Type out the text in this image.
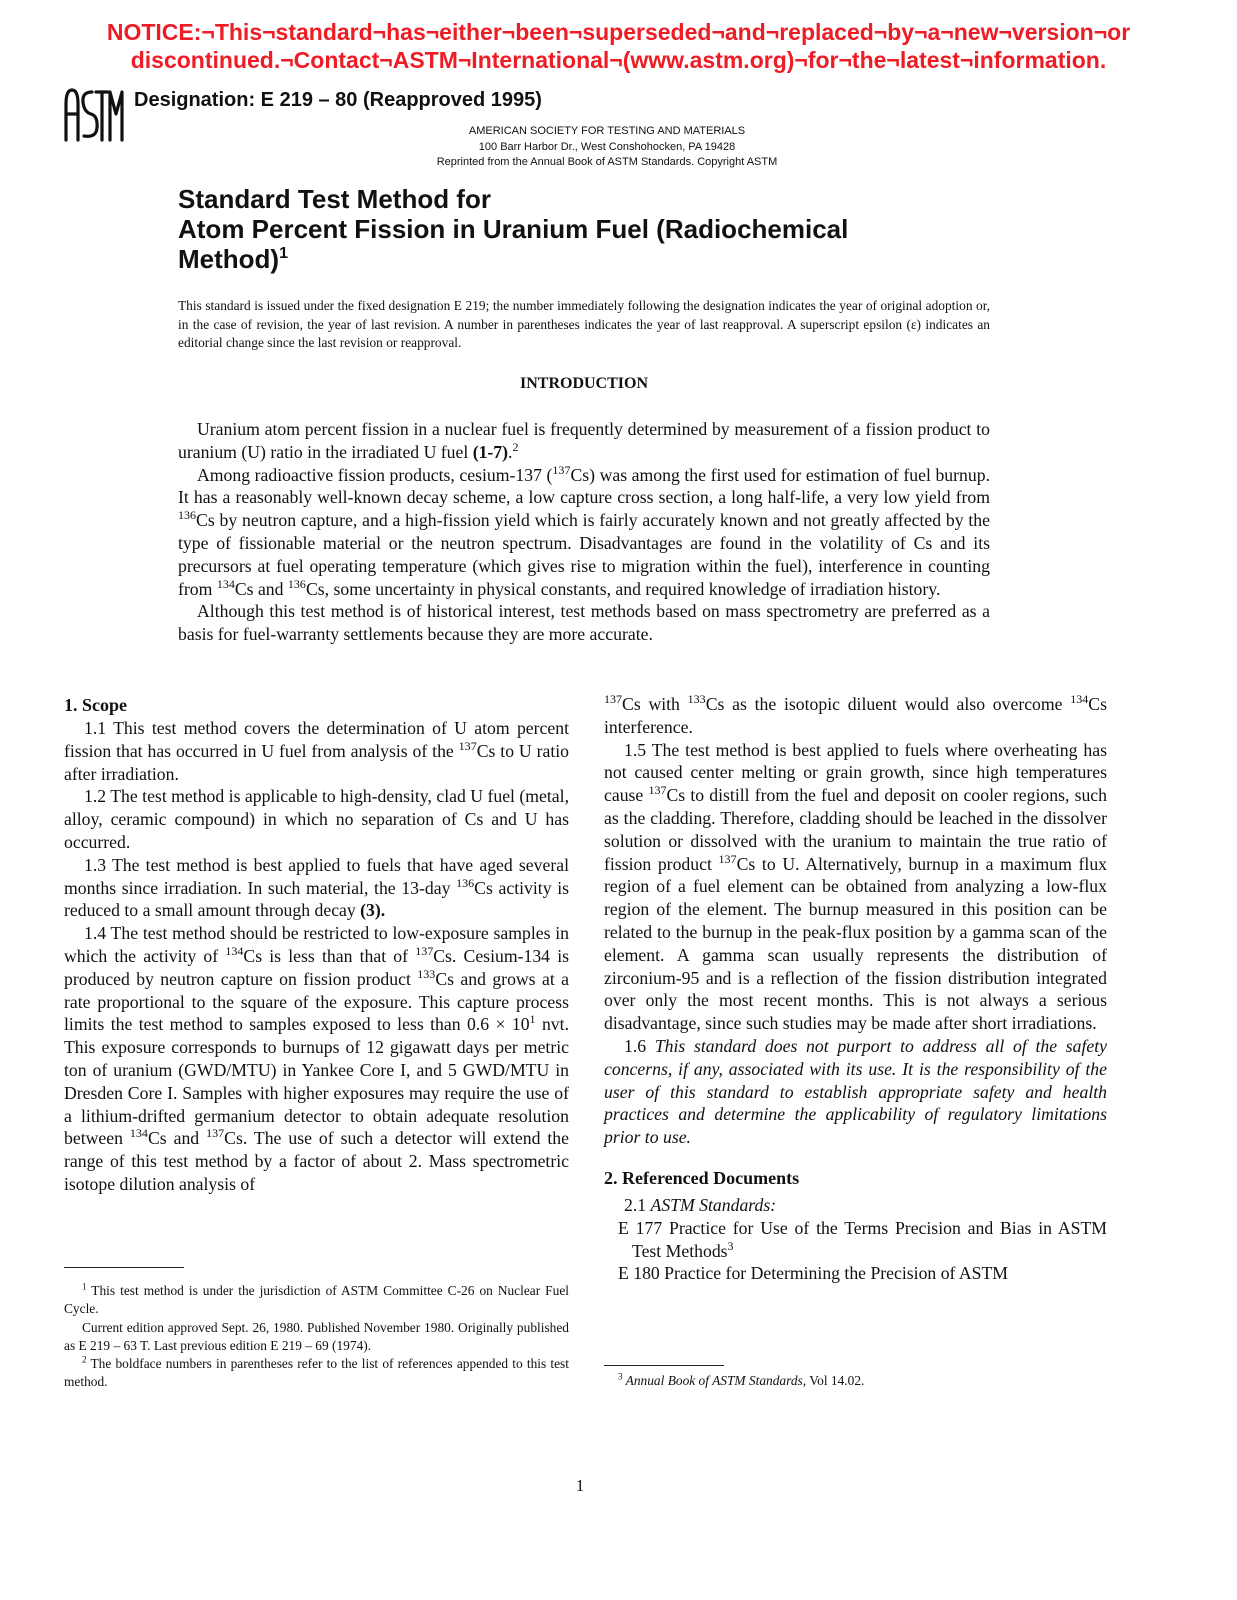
NOTICE:¬This¬standard¬has¬either¬been¬superseded¬and¬replaced¬by¬a¬new¬version¬or
discontinued.¬Contact¬ASTM¬International¬(www.astm.org)¬for¬the¬latest¬information.
Designation: E 219 – 80 (Reapproved 1995)
AMERICAN SOCIETY FOR TESTING AND MATERIALS
100 Barr Harbor Dr., West Conshohocken, PA 19428
Reprinted from the Annual Book of ASTM Standards. Copyright ASTM
Standard Test Method for
Atom Percent Fission in Uranium Fuel (Radiochemical
Method)$^1$
This standard is issued under the fixed designation E 219; the number immediately following the designation indicates the year of original adoption or, in the case of revision, the year of last revision. A number in parentheses indicates the year of last reapproval. A superscript epsilon (ε) indicates an editorial change since the last revision or reapproval.
INTRODUCTION

Uranium atom percent fission in a nuclear fuel is frequently determined by measurement of a fission product to uranium (U) ratio in the irradiated U fuel (1-7).$^2$

Among radioactive fission products, cesium-137 ($^{137}$Cs) was among the first used for estimation of fuel burnup. It has a reasonably well-known decay scheme, a low capture cross section, a long half-life, a very low yield from $^{136}$Cs by neutron capture, and a high-fission yield which is fairly accurately known and not greatly affected by the type of fissionable material or the neutron spectrum. Disadvantages are found in the volatility of Cs and its precursors at fuel operating temperature (which gives rise to migration within the fuel), interference in counting from $^{134}$Cs and $^{136}$Cs, some uncertainty in physical constants, and required knowledge of irradiation history.

Although this test method is of historical interest, test methods based on mass spectrometry are preferred as a basis for fuel-warranty settlements because they are more accurate.

1. Scope

1.1 This test method covers the determination of U atom percent fission that has occurred in U fuel from analysis of the $^{137}$Cs to U ratio after irradiation.

1.2 The test method is applicable to high-density, clad U fuel (metal, alloy, ceramic compound) in which no separation of Cs and U has occurred.

1.3 The test method is best applied to fuels that have aged several months since irradiation. In such material, the 13-day $^{136}$Cs activity is reduced to a small amount through decay (3).

1.4 The test method should be restricted to low-exposure samples in which the activity of $^{134}$Cs is less than that of $^{137}$Cs. Cesium-134 is produced by neutron capture on fission product $^{133}$Cs and grows at a rate proportional to the square of the exposure. This capture process limits the test method to samples exposed to less than $0.6 \times 10^1$ nvt. This exposure corresponds to burnups of 12 gigawatt days per metric ton of uranium (GWD/MTU) in Yankee Core I, and 5 GWD/MTU in Dresden Core I. Samples with higher exposures may require the use of a lithium-drifted germanium detector to obtain adequate resolution between $^{134}$Cs and $^{137}$Cs. The use of such a detector will extend the range of this test method by a factor of about 2. Mass spectrometric isotope dilution analysis of

$^1$ This test method is under the jurisdiction of ASTM Committee C-26 on Nuclear Fuel Cycle.

Current edition approved Sept. 26, 1980. Published November 1980. Originally published as E 219 – 63 T. Last previous edition E 219 – 69 (1974).

$^2$ The boldface numbers in parentheses refer to the list of references appended to this test method.

$^{137}$Cs with $^{133}$Cs as the isotopic diluent would also overcome $^{134}$Cs interference.

1.5 The test method is best applied to fuels where overheating has not caused center melting or grain growth, since high temperatures cause $^{137}$Cs to distill from the fuel and deposit on cooler regions, such as the cladding. Therefore, cladding should be leached in the dissolver solution or dissolved with the uranium to maintain the true ratio of fission product $^{137}$Cs to U. Alternatively, burnup in a maximum flux region of a fuel element can be obtained from analyzing a low-flux region of the element. The burnup measured in this position can be related to the burnup in the peak-flux position by a gamma scan of the element. A gamma scan usually represents the distribution of zirconium-95 and is a reflection of the fission distribution integrated over only the most recent months. This is not always a serious disadvantage, since such studies may be made after short irradiations.

1.6 This standard does not purport to address all of the safety concerns, if any, associated with its use. It is the responsibility of the user of this standard to establish appropriate safety and health practices and determine the applicability of regulatory limitations prior to use.

2. Referenced Documents

2.1 ASTM Standards:

E 177 Practice for Use of the Terms Precision and Bias in ASTM Test Methods$^3$
E 180 Practice for Determining the Precision of ASTM

$^3$ Annual Book of ASTM Standards, Vol 14.02.

1
